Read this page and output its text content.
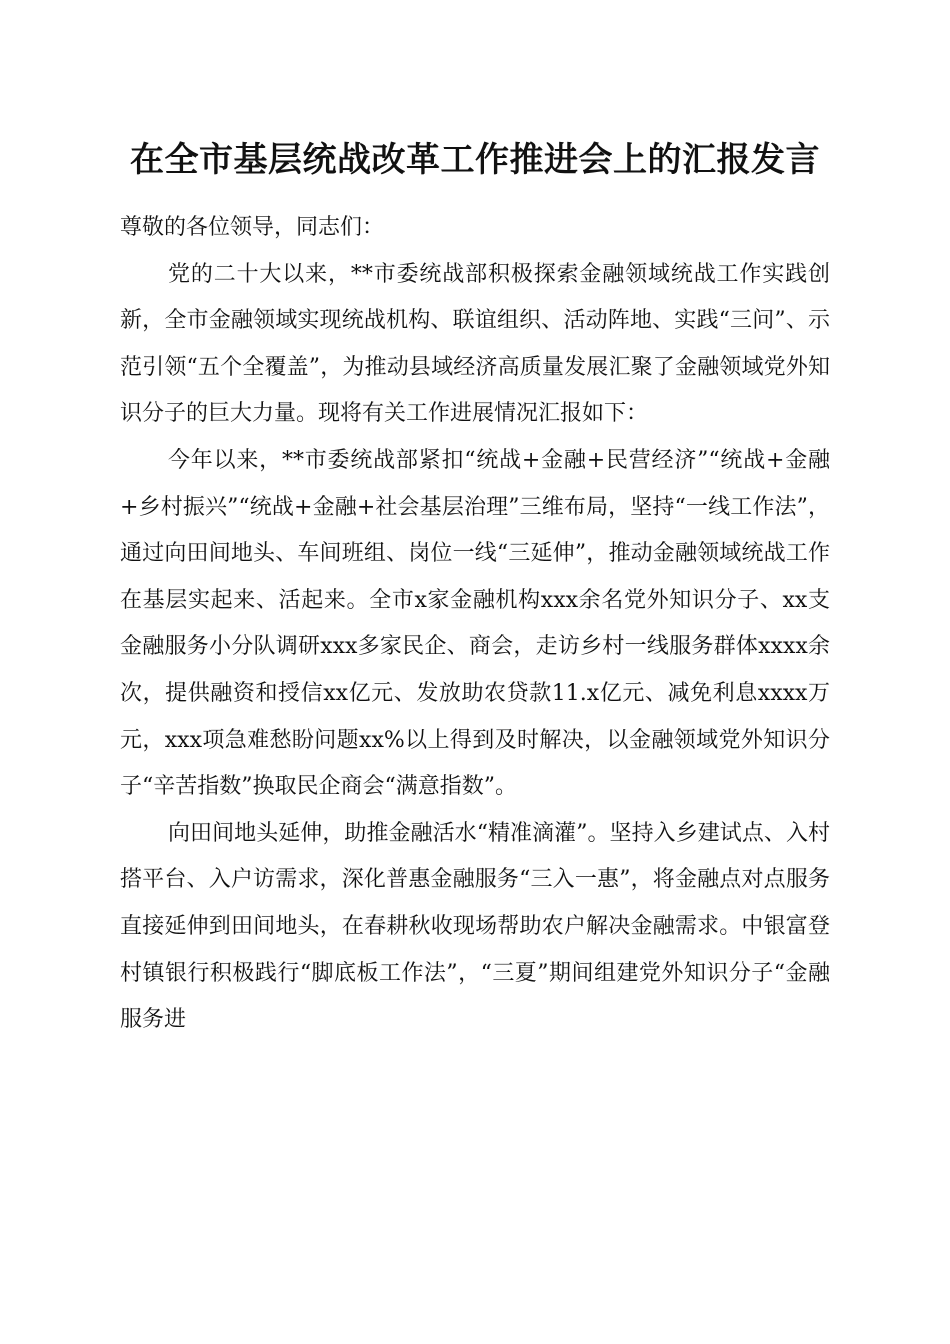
在全市基层统战改革工作推进会上的汇报发言

尊敬的各位领导，同志们：

党的二十大以来，**市委统战部积极探索金融领域统战工作实践创新，全市金融领域实现统战机构、联谊组织、活动阵地、实践“三问”、示范引领“五个全覆盖”，为推动县域经济高质量发展汇聚了金融领域党外知识分子的巨大力量。现将有关工作进展情况汇报如下：

今年以来，**市委统战部紧扣“统战+金融+民营经济”“统战+金融+乡村振兴”“统战+金融+社会基层治理”三维布局，坚持“一线工作法”，通过向田间地头、车间班组、岗位一线“三延伸”，推动金融领域统战工作在基层实起来、活起来。全市x家金融机构xxx余名党外知识分子、xx支金融服务小分队调研xxx多家民企、商会，走访乡村一线服务群体xxxx余次，提供融资和授信xx亿元、发放助农贷款11.x亿元、减免利息xxxx万元，xxx项急难愁盼问题xx%以上得到及时解决，以金融领域党外知识分子“辛苦指数”换取民企商会“满意指数”。

向田间地头延伸，助推金融活水“精准滴灌”。坚持入乡建试点、入村搭平台、入户访需求，深化普惠金融服务“三入一惠”，将金融点对点服务直接延伸到田间地头，在春耕秋收现场帮助农户解决金融需求。中银富登村镇银行积极践行“脚底板工作法”，“三夏”期间组建党外知识分子“金融服务进
